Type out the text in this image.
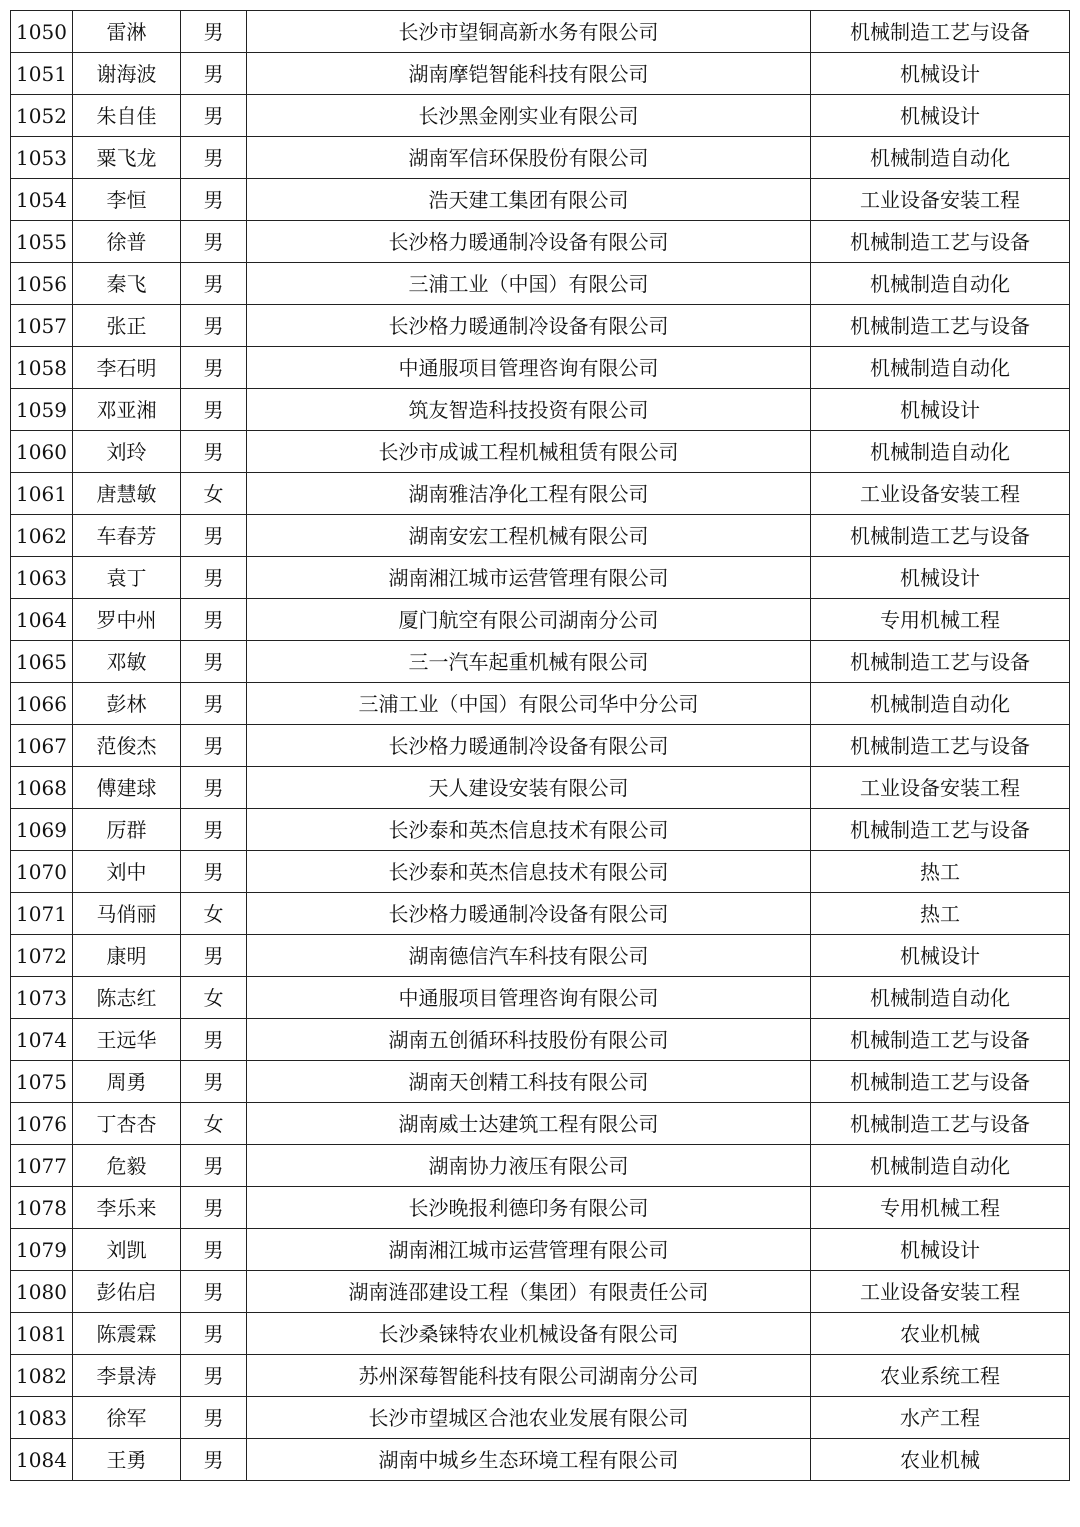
1050	雷淋	男	长沙市望铜高新水务有限公司	机械制造工艺与设备
1051	谢海波	男	湖南摩铠智能科技有限公司	机械设计
1052	朱自佳	男	长沙黑金刚实业有限公司	机械设计
1053	粟飞龙	男	湖南军信环保股份有限公司	机械制造自动化
1054	李恒	男	浩天建工集团有限公司	工业设备安装工程
1055	徐普	男	长沙格力暖通制冷设备有限公司	机械制造工艺与设备
1056	秦飞	男	三浦工业（中国）有限公司	机械制造自动化
1057	张正	男	长沙格力暖通制冷设备有限公司	机械制造工艺与设备
1058	李石明	男	中通服项目管理咨询有限公司	机械制造自动化
1059	邓亚湘	男	筑友智造科技投资有限公司	机械设计
1060	刘玲	男	长沙市成诚工程机械租赁有限公司	机械制造自动化
1061	唐慧敏	女	湖南雅洁净化工程有限公司	工业设备安装工程
1062	车春芳	男	湖南安宏工程机械有限公司	机械制造工艺与设备
1063	袁丁	男	湖南湘江城市运营管理有限公司	机械设计
1064	罗中州	男	厦门航空有限公司湖南分公司	专用机械工程
1065	邓敏	男	三一汽车起重机械有限公司	机械制造工艺与设备
1066	彭林	男	三浦工业（中国）有限公司华中分公司	机械制造自动化
1067	范俊杰	男	长沙格力暖通制冷设备有限公司	机械制造工艺与设备
1068	傅建球	男	天人建设安装有限公司	工业设备安装工程
1069	厉群	男	长沙泰和英杰信息技术有限公司	机械制造工艺与设备
1070	刘中	男	长沙泰和英杰信息技术有限公司	热工
1071	马俏丽	女	长沙格力暖通制冷设备有限公司	热工
1072	康明	男	湖南德信汽车科技有限公司	机械设计
1073	陈志红	女	中通服项目管理咨询有限公司	机械制造自动化
1074	王远华	男	湖南五创循环科技股份有限公司	机械制造工艺与设备
1075	周勇	男	湖南天创精工科技有限公司	机械制造工艺与设备
1076	丁杏杏	女	湖南威士达建筑工程有限公司	机械制造工艺与设备
1077	危毅	男	湖南协力液压有限公司	机械制造自动化
1078	李乐来	男	长沙晚报利德印务有限公司	专用机械工程
1079	刘凯	男	湖南湘江城市运营管理有限公司	机械设计
1080	彭佑启	男	湖南涟邵建设工程（集团）有限责任公司	工业设备安装工程
1081	陈震霖	男	长沙桑铼特农业机械设备有限公司	农业机械
1082	李景涛	男	苏州深莓智能科技有限公司湖南分公司	农业系统工程
1083	徐军	男	长沙市望城区合池农业发展有限公司	水产工程
1084	王勇	男	湖南中城乡生态环境工程有限公司	农业机械
